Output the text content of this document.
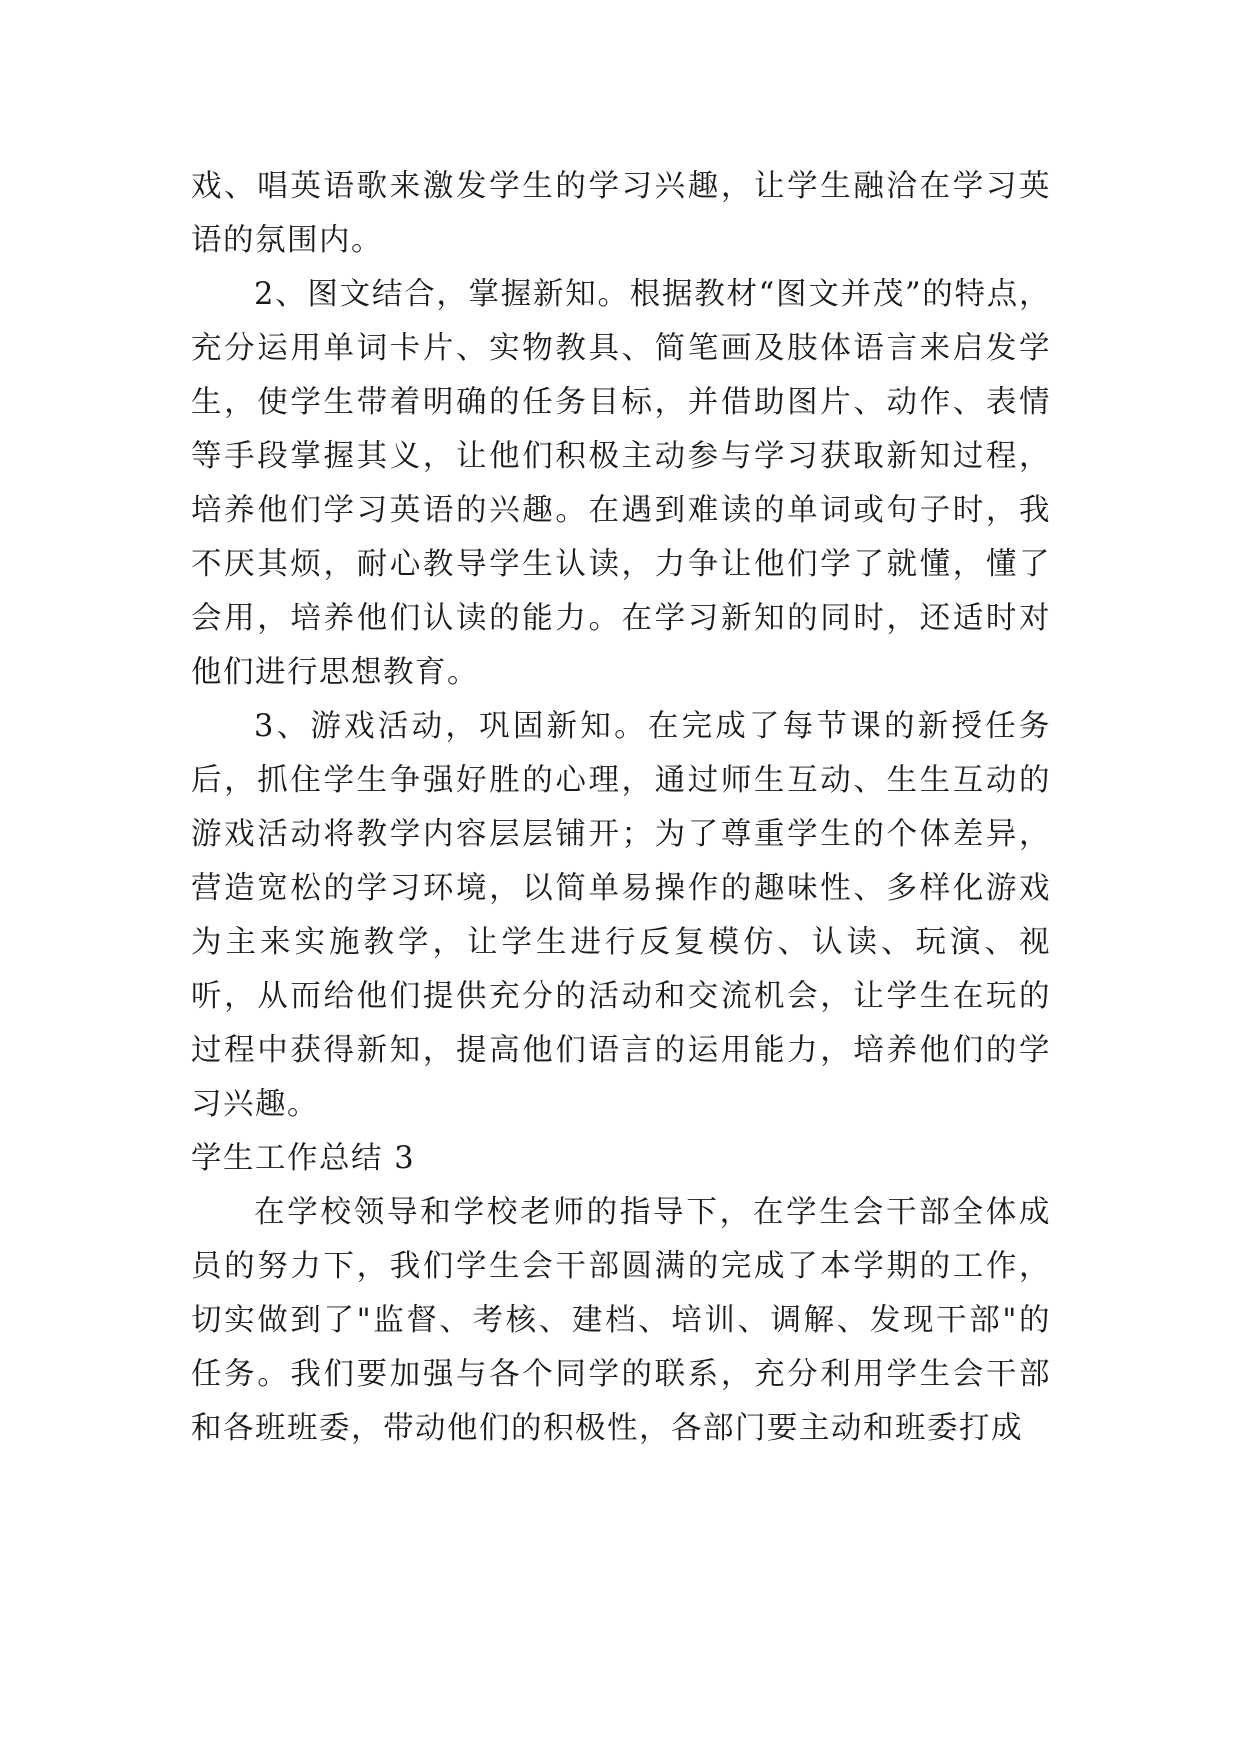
戏、唱英语歌来激发学生的学习兴趣，让学生融洽在学习英语的氛围内。

2、图文结合，掌握新知。根据教材“图文并茂”的特点，充分运用单词卡片、实物教具、简笔画及肢体语言来启发学生，使学生带着明确的任务目标，并借助图片、动作、表情等手段掌握其义，让他们积极主动参与学习获取新知过程，培养他们学习英语的兴趣。在遇到难读的单词或句子时，我不厌其烦，耐心教导学生认读，力争让他们学了就懂，懂了会用，培养他们认读的能力。在学习新知的同时，还适时对他们进行思想教育。

3、游戏活动，巩固新知。在完成了每节课的新授任务后，抓住学生争强好胜的心理，通过师生互动、生生互动的游戏活动将教学内容层层铺开；为了尊重学生的个体差异，营造宽松的学习环境，以简单易操作的趣味性、多样化游戏为主来实施教学，让学生进行反复模仿、认读、玩演、视听，从而给他们提供充分的活动和交流机会，让学生在玩的过程中获得新知，提高他们语言的运用能力，培养他们的学习兴趣。

学生工作总结 3

在学校领导和学校老师的指导下，在学生会干部全体成员的努力下，我们学生会干部圆满的完成了本学期的工作，切实做到了"监督、考核、建档、培训、调解、发现干部"的任务。我们要加强与各个同学的联系，充分利用学生会干部和各班班委，带动他们的积极性，各部门要主动和班委打成
